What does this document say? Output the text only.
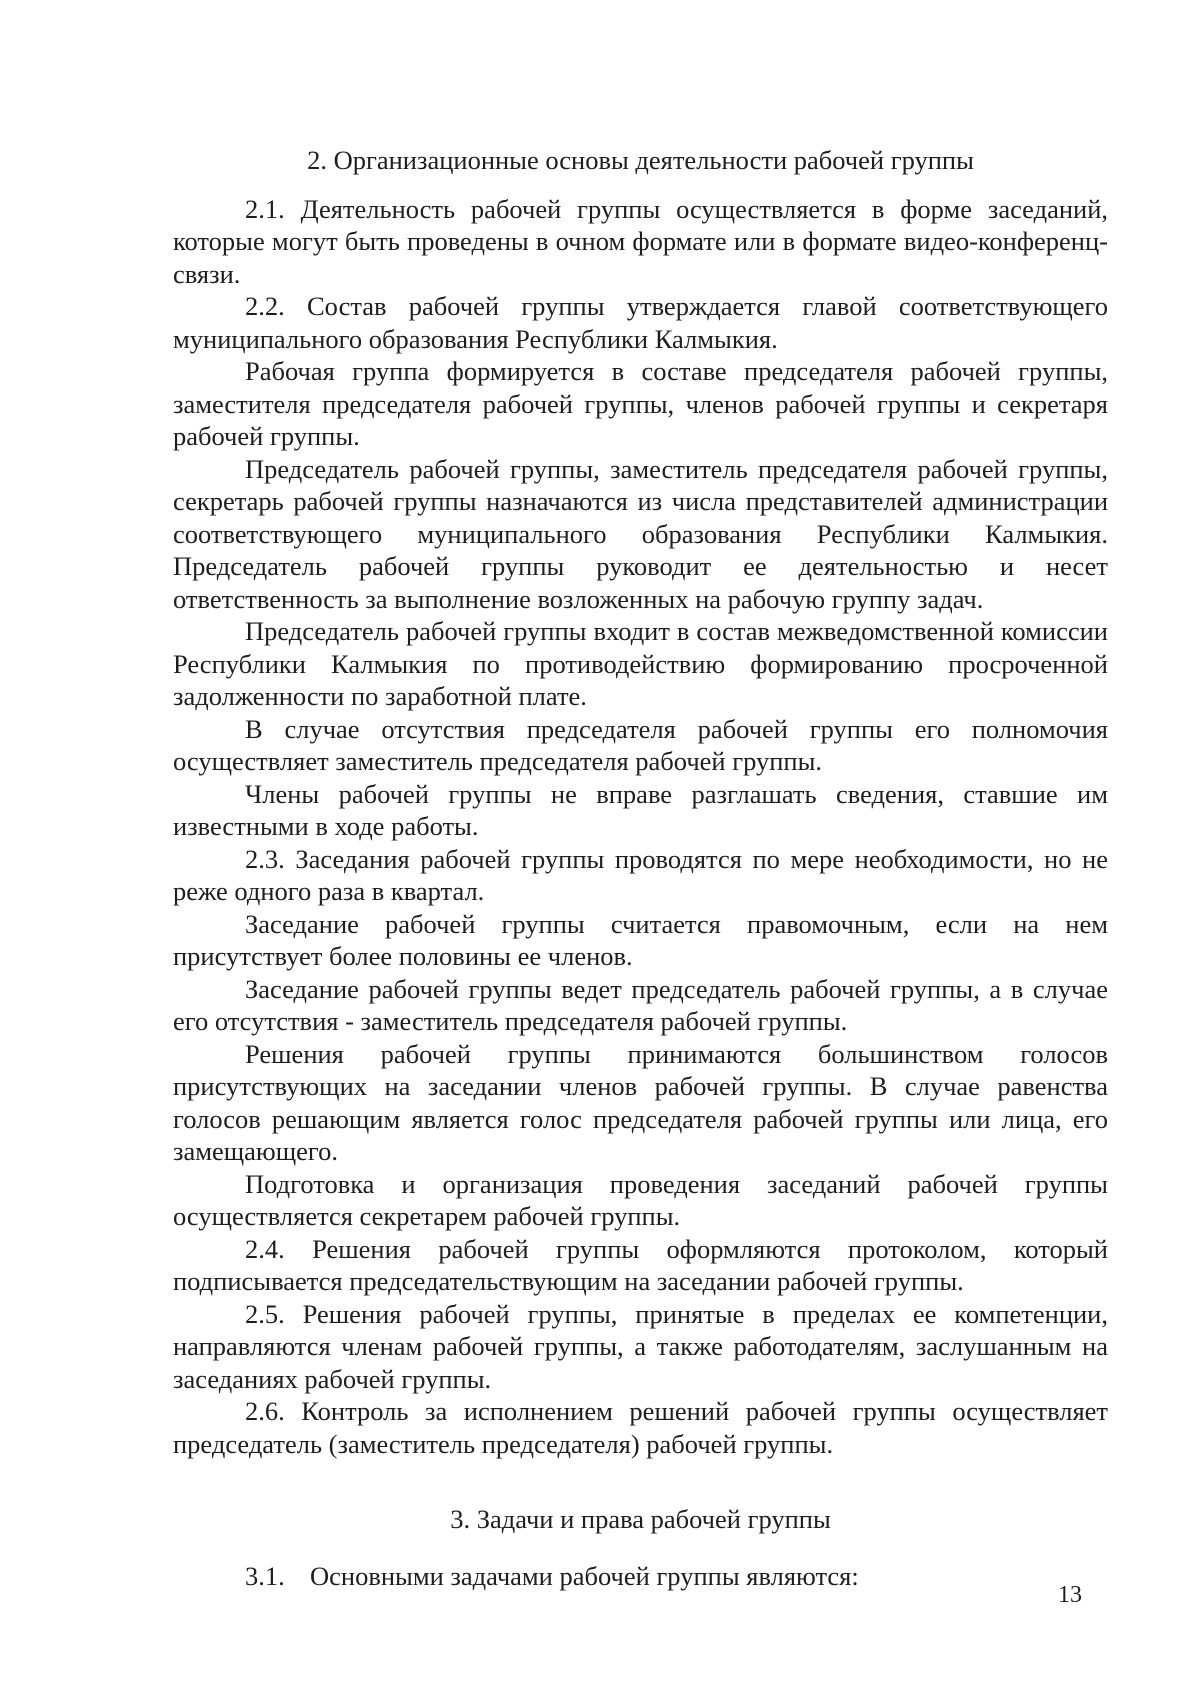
2. Организационные основы деятельности рабочей группы

2.1. Деятельность рабочей группы осуществляется в форме заседаний, которые могут быть проведены в очном формате или в формате видео-конференц-связи.

2.2. Состав рабочей группы утверждается главой соответствующего муниципального образования Республики Калмыкия.

Рабочая группа формируется в составе председателя рабочей группы, заместителя председателя рабочей группы, членов рабочей группы и секретаря рабочей группы.

Председатель рабочей группы, заместитель председателя рабочей группы, секретарь рабочей группы назначаются из числа представителей администрации соответствующего муниципального образования Республики Калмыкия. Председатель рабочей группы руководит ее деятельностью и несет ответственность за выполнение возложенных на рабочую группу задач.

Председатель рабочей группы входит в состав межведомственной комиссии Республики Калмыкия по противодействию формированию просроченной задолженности по заработной плате.

В случае отсутствия председателя рабочей группы его полномочия осуществляет заместитель председателя рабочей группы.

Члены рабочей группы не вправе разглашать сведения, ставшие им известными в ходе работы.

2.3. Заседания рабочей группы проводятся по мере необходимости, но не реже одного раза в квартал.

Заседание рабочей группы считается правомочным, если на нем присутствует более половины ее членов.

Заседание рабочей группы ведет председатель рабочей группы, а в случае его отсутствия - заместитель председателя рабочей группы.

Решения рабочей группы принимаются большинством голосов присутствующих на заседании членов рабочей группы. В случае равенства голосов решающим является голос председателя рабочей группы или лица, его замещающего.

Подготовка и организация проведения заседаний рабочей группы осуществляется секретарем рабочей группы.

2.4. Решения рабочей группы оформляются протоколом, который подписывается председательствующим на заседании рабочей группы.

2.5. Решения рабочей группы, принятые в пределах ее компетенции, направляются членам рабочей группы, а также работодателям, заслушанным на заседаниях рабочей группы.

2.6. Контроль за исполнением решений рабочей группы осуществляет председатель (заместитель председателя) рабочей группы.

3. Задачи и права рабочей группы

3.1. Основными задачами рабочей группы являются:

13
